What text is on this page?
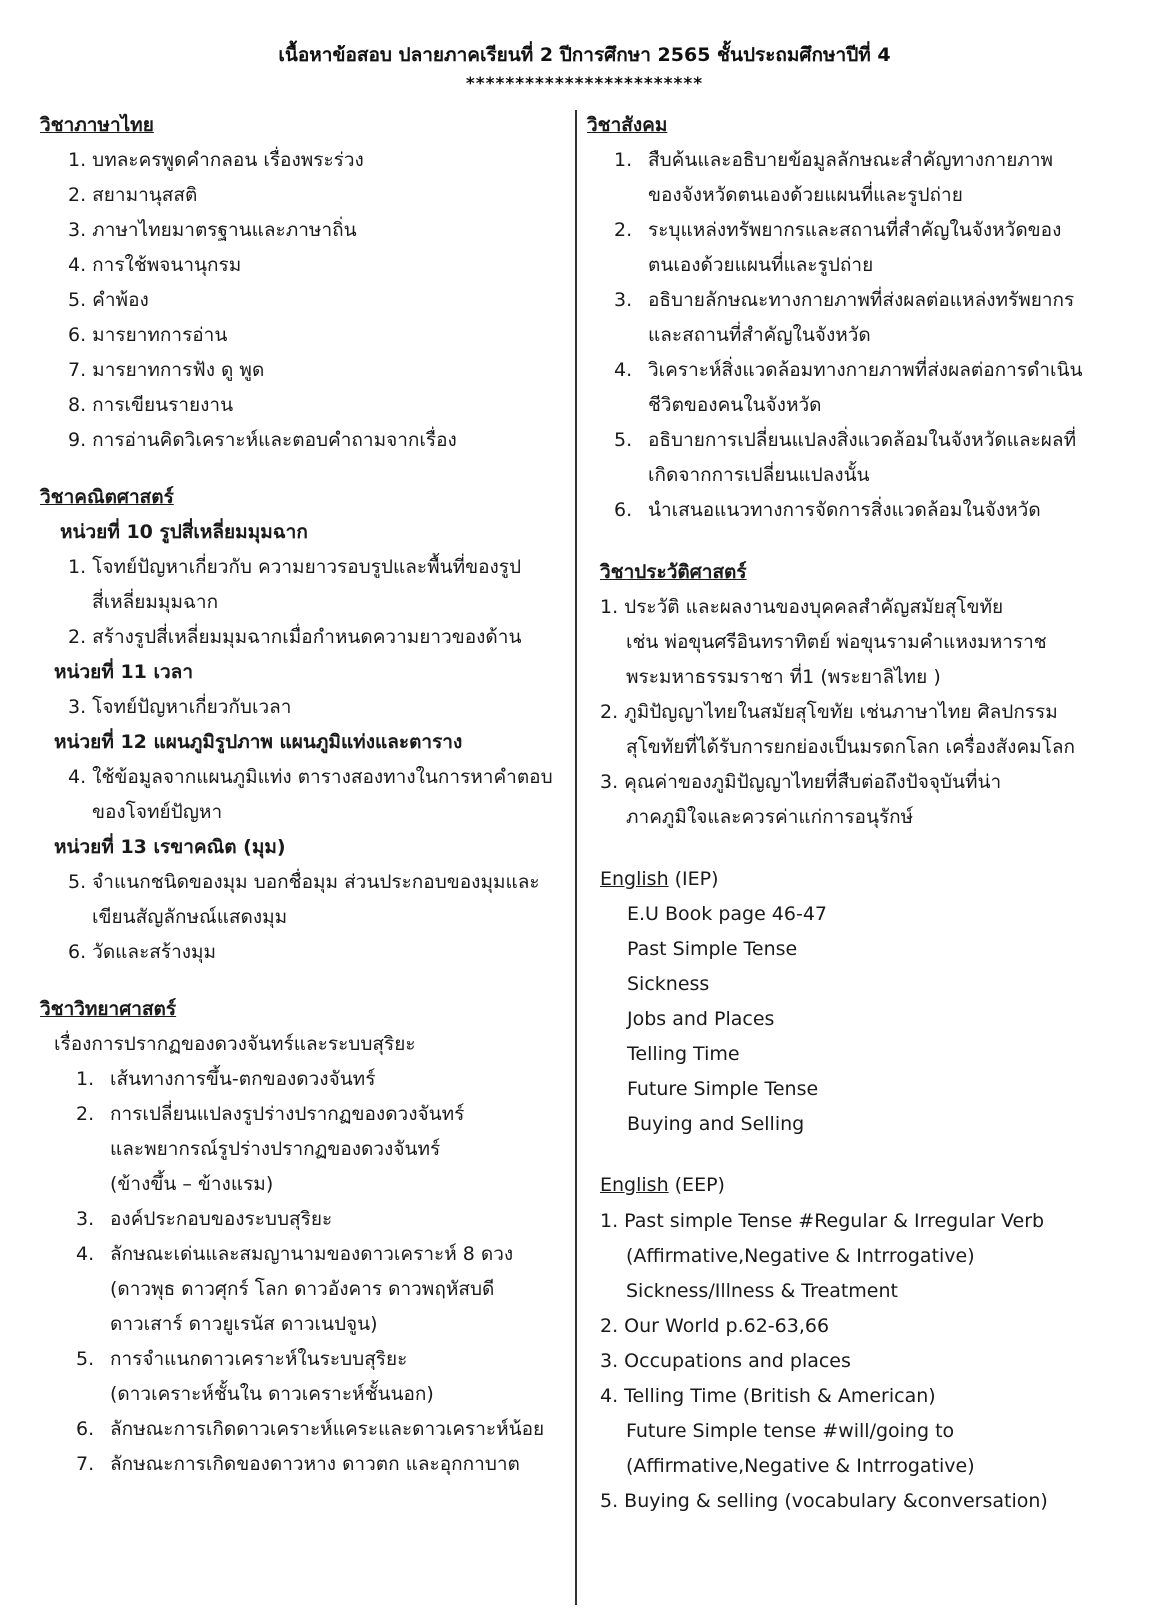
เนื้อหาข้อสอบ ปลายภาคเรียนที่ 2 ปีการศึกษา 2565 ชั้นประถมศึกษาปีที่ 4
************************
วิชาภาษาไทย
1. บทละครพูดคำกลอน เรื่องพระร่วง
2. สยามานุสสติ
3. ภาษาไทยมาตรฐานและภาษาถิ่น
4. การใช้พจนานุกรม
5. คำพ้อง
6. มารยาทการอ่าน
7. มารยาทการฟัง ดู พูด
8. การเขียนรายงาน
9. การอ่านคิดวิเคราะห์และตอบคำถามจากเรื่อง
วิชาคณิตศาสตร์
หน่วยที่ 10 รูปสี่เหลี่ยมมุมฉาก
1. โจทย์ปัญหาเกี่ยวกับ ความยาวรอบรูปและพื้นที่ของรูป
สี่เหลี่ยมมุมฉาก
2. สร้างรูปสี่เหลี่ยมมุมฉากเมื่อกำหนดความยาวของด้าน
หน่วยที่ 11 เวลา
3. โจทย์ปัญหาเกี่ยวกับเวลา
หน่วยที่ 12 แผนภูมิรูปภาพ แผนภูมิแท่งและตาราง
4. ใช้ข้อมูลจากแผนภูมิแท่ง ตารางสองทางในการหาคำตอบ
ของโจทย์ปัญหา
หน่วยที่ 13 เรขาคณิต (มุม)
5. จำแนกชนิดของมุม บอกชื่อมุม ส่วนประกอบของมุมและ
เขียนสัญลักษณ์แสดงมุม
6. วัดและสร้างมุม
วิชาวิทยาศาสตร์
เรื่องการปรากฏของดวงจันทร์และระบบสุริยะ
1. เส้นทางการขึ้น-ตกของดวงจันทร์
2. การเปลี่ยนแปลงรูปร่างปรากฏของดวงจันทร์
และพยากรณ์รูปร่างปรากฏของดวงจันทร์
(ข้างขึ้น – ข้างแรม)
3. องค์ประกอบของระบบสุริยะ
4. ลักษณะเด่นและสมญานามของดาวเคราะห์ 8 ดวง
(ดาวพุธ ดาวศุกร์ โลก ดาวอังคาร ดาวพฤหัสบดี
ดาวเสาร์ ดาวยูเรนัส ดาวเนปจูน)
5. การจำแนกดาวเคราะห์ในระบบสุริยะ
(ดาวเคราะห์ชั้นใน ดาวเคราะห์ชั้นนอก)
6. ลักษณะการเกิดดาวเคราะห์แคระและดาวเคราะห์น้อย
7. ลักษณะการเกิดของดาวหาง ดาวตก และอุกกาบาต
วิชาสังคม
1. สืบค้นและอธิบายข้อมูลลักษณะสำคัญทางกายภาพ
ของจังหวัดตนเองด้วยแผนที่และรูปถ่าย
2. ระบุแหล่งทรัพยากรและสถานที่สำคัญในจังหวัดของ
ตนเองด้วยแผนที่และรูปถ่าย
3. อธิบายลักษณะทางกายภาพที่ส่งผลต่อแหล่งทรัพยากร
และสถานที่สำคัญในจังหวัด
4. วิเคราะห์สิ่งแวดล้อมทางกายภาพที่ส่งผลต่อการดำเนิน
ชีวิตของคนในจังหวัด
5. อธิบายการเปลี่ยนแปลงสิ่งแวดล้อมในจังหวัดและผลที่
เกิดจากการเปลี่ยนแปลงนั้น
6. นำเสนอแนวทางการจัดการสิ่งแวดล้อมในจังหวัด
วิชาประวัติศาสตร์
1. ประวัติ และผลงานของบุคคลสำคัญสมัยสุโขทัย
เช่น พ่อขุนศรีอินทราทิตย์ พ่อขุนรามคำแหงมหาราช
พระมหาธรรมราชา ที่1 (พระยาลิไทย )
2. ภูมิปัญญาไทยในสมัยสุโขทัย เช่นภาษาไทย ศิลปกรรม
สุโขทัยที่ได้รับการยกย่องเป็นมรดกโลก เครื่องสังคมโลก
3. คุณค่าของภูมิปัญญาไทยที่สืบต่อถึงปัจจุบันที่น่า
ภาคภูมิใจและควรค่าแก่การอนุรักษ์
English (IEP)
E.U Book page 46-47
Past Simple Tense
Sickness
Jobs and Places
Telling Time
Future Simple Tense
Buying and Selling
English (EEP)
1. Past simple Tense #Regular & Irregular Verb
(Affirmative,Negative & Intrrogative)
Sickness/Illness & Treatment
2. Our World p.62-63,66
3. Occupations and places
4. Telling Time (British & American)
Future Simple tense #will/going to
(Affirmative,Negative & Intrrogative)
5. Buying & selling (vocabulary &conversation)
